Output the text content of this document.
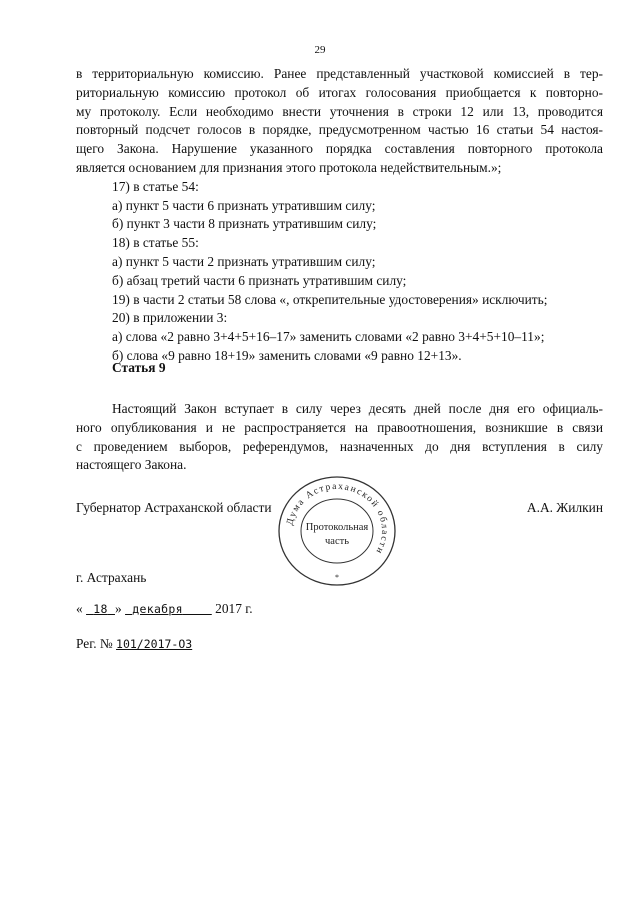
29

в территориальную комиссию. Ранее представленный участковой комиссией в тер-

риториальную комиссию протокол об итогах голосования приобщается к повторно-

му протоколу. Если необходимо внести уточнения в строки 12 или 13, проводится

повторный подсчет голосов в порядке, предусмотренном частью 16 статьи 54 настоя-

щего Закона. Нарушение указанного порядка составления повторного протокола

является основанием для признания этого протокола недействительным.»;

17) в статье 54:

а) пункт 5 части 6 признать утратившим силу;

б) пункт 3 части 8 признать утратившим силу;

18) в статье 55:

а) пункт 5 части 2 признать утратившим силу;

б) абзац третий части 6 признать утратившим силу;

19) в части 2 статьи 58 слова «, открепительные удостоверения» исключить;

20) в приложении 3:

а) слова «2 равно 3+4+5+16–17» заменить словами «2 равно 3+4+5+10–11»;

б) слова «9 равно 18+19» заменить словами «9 равно 12+13».

Статья 9

Настоящий Закон вступает в силу через десять дней после дня его официаль-

ного опубликования и не распространяется на правоотношения, возникшие в связи

с проведением выборов, референдумов, назначенных до дня вступления в силу

настоящего Закона.

Губернатор Астраханской области	А.А. Жилкин
Дума Астраханской области
Протокольная
часть
*
г. Астрахань
« 18 » декабря 2017 г.
Рег. № 101/2017-ОЗ
